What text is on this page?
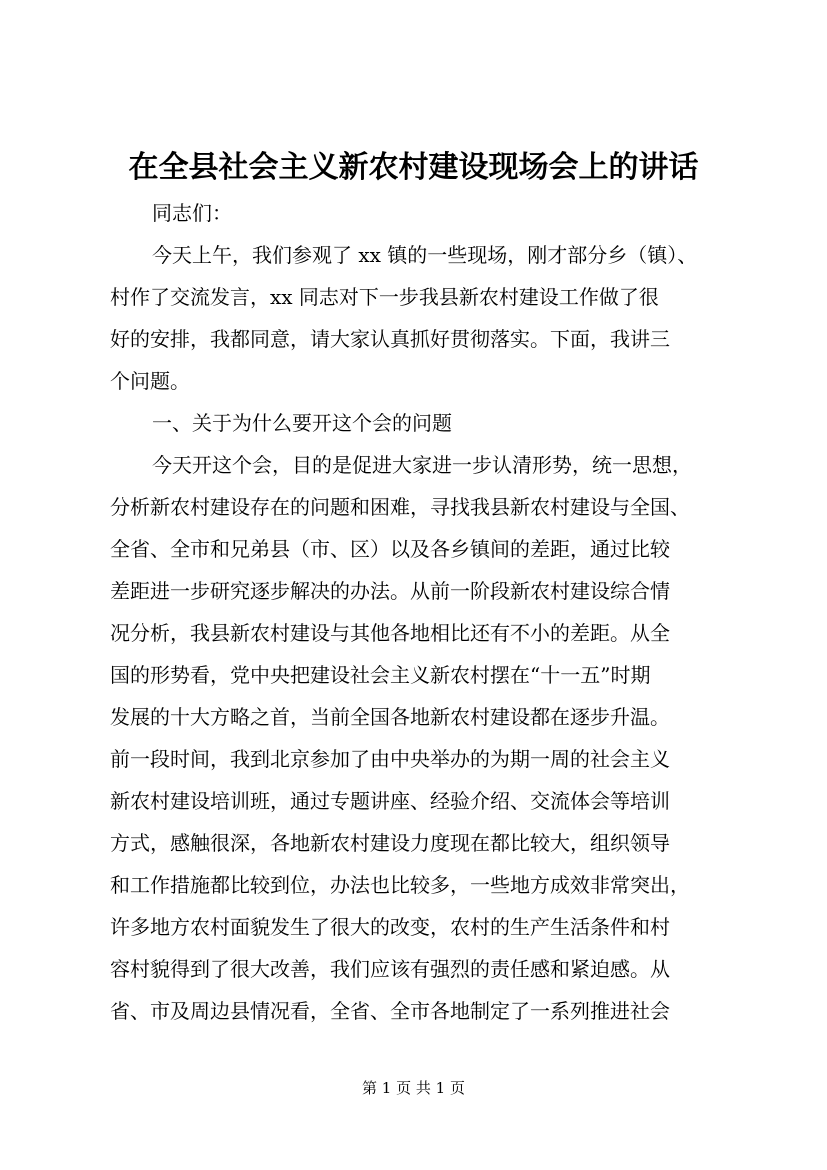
在全县社会主义新农村建设现场会上的讲话
同志们：
今天上午，我们参观了 xx 镇的一些现场，刚才部分乡（镇）、
村作了交流发言，xx 同志对下一步我县新农村建设工作做了很
好的安排，我都同意，请大家认真抓好贯彻落实。下面，我讲三
个问题。
一、关于为什么要开这个会的问题
今天开这个会，目的是促进大家进一步认清形势，统一思想，
分析新农村建设存在的问题和困难，寻找我县新农村建设与全国、
全省、全市和兄弟县（市、区）以及各乡镇间的差距，通过比较
差距进一步研究逐步解决的办法。从前一阶段新农村建设综合情
况分析，我县新农村建设与其他各地相比还有不小的差距。从全
国的形势看，党中央把建设社会主义新农村摆在“十一五”时期
发展的十大方略之首，当前全国各地新农村建设都在逐步升温。
前一段时间，我到北京参加了由中央举办的为期一周的社会主义
新农村建设培训班，通过专题讲座、经验介绍、交流体会等培训
方式，感触很深，各地新农村建设力度现在都比较大，组织领导
和工作措施都比较到位，办法也比较多，一些地方成效非常突出，
许多地方农村面貌发生了很大的改变，农村的生产生活条件和村
容村貌得到了很大改善，我们应该有强烈的责任感和紧迫感。从
省、市及周边县情况看，全省、全市各地制定了一系列推进社会
第 1 页 共 1 页
